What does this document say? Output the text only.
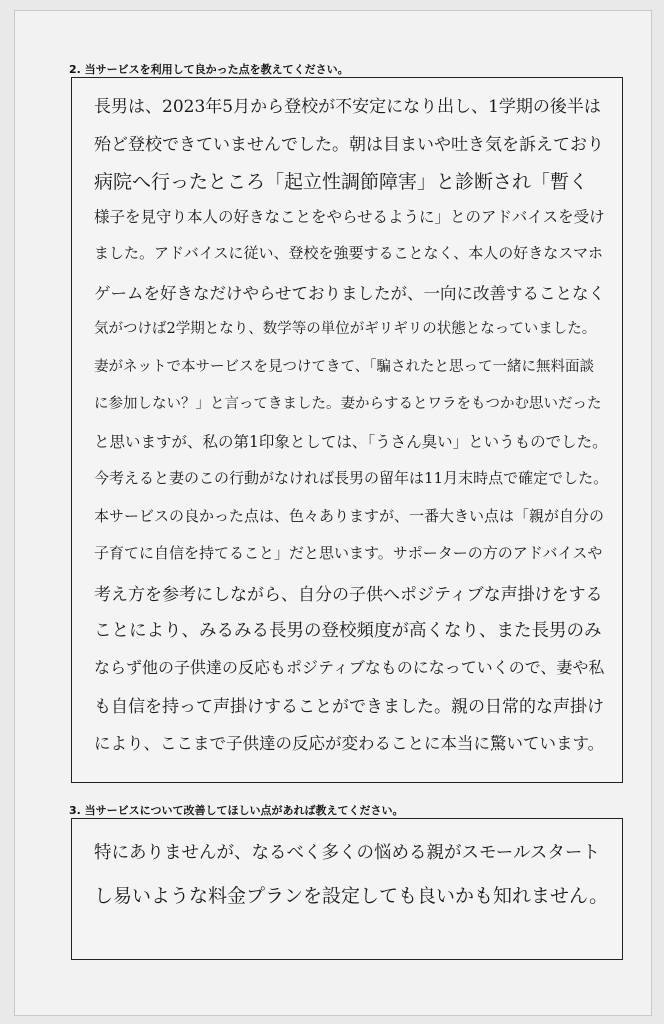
2. 当サービスを利用して良かった点を教えてください。
長男は、2023年5月から登校が不安定になり出し、1学期の後半は
殆ど登校できていませんでした。朝は目まいや吐き気を訴えており
病院へ行ったところ「起立性調節障害」と診断され「暫く
様子を見守り本人の好きなことをやらせるように」とのアドバイスを受け
ました。アドバイスに従い、登校を強要することなく、本人の好きなスマホ
ゲームを好きなだけやらせておりましたが、一向に改善することなく
気がつけば2学期となり、数学等の単位がギリギリの状態となっていました。
妻がネットで本サービスを見つけてきて、「騙されたと思って一緒に無料面談
に参加しない？」と言ってきました。妻からするとワラをもつかむ思いだった
と思いますが、私の第1印象としては、「うさん臭い」というものでした。
今考えると妻のこの行動がなければ長男の留年は11月末時点で確定でした。
本サービスの良かった点は、色々ありますが、一番大きい点は「親が自分の
子育てに自信を持てること」だと思います。サポーターの方のアドバイスや
考え方を参考にしながら、自分の子供へポジティブな声掛けをする
ことにより、みるみる長男の登校頻度が高くなり、また長男のみ
ならず他の子供達の反応もポジティブなものになっていくので、妻や私
も自信を持って声掛けすることができました。親の日常的な声掛け
により、ここまで子供達の反応が変わることに本当に驚いています。
3. 当サービスについて改善してほしい点があれば教えてください。
特にありませんが、なるべく多くの悩める親がスモールスタート
し易いような料金プランを設定しても良いかも知れません。
